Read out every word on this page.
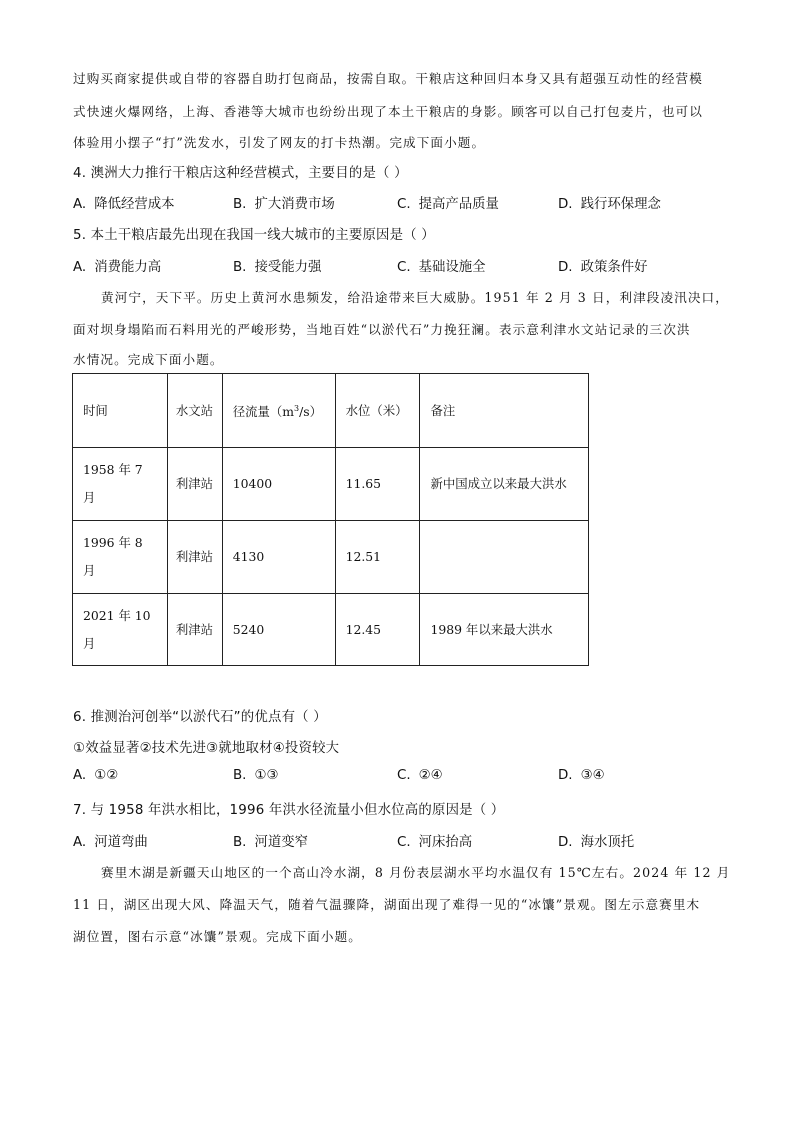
过购买商家提供或自带的容器自助打包商品，按需自取。干粮店这种回归本身又具有超强互动性的经营模
式快速火爆网络，上海、香港等大城市也纷纷出现了本土干粮店的身影。顾客可以自己打包麦片，也可以
体验用小摆子“打”洗发水，引发了网友的打卡热潮。完成下面小题。
4. 澳洲大力推行干粮店这种经营模式，主要目的是（ ）
A. 降低经营成本	B. 扩大消费市场	C. 提高产品质量	D. 践行环保理念
5. 本土干粮店最先出现在我国一线大城市的主要原因是（ ）
A. 消费能力高	B. 接受能力强	C. 基础设施全	D. 政策条件好
黄河宁，天下平。历史上黄河水患频发，给沿途带来巨大威胁。1951 年 2 月 3 日，利津段凌汛决口，
面对坝身塌陷而石料用光的严峻形势，当地百姓“以淤代石”力挽狂澜。表示意利津水文站记录的三次洪
水情况。完成下面小题。
时间	水文站	径流量$(m^3/s)$	水位（米）	备注
1958 年 7 月	利津站	10400	11.65	新中国成立以来最大洪水
1996 年 8 月	利津站	4130	12.51	
2021 年 10 月	利津站	5240	12.45	1989 年以来最大洪水
6. 推测治河创举“以淤代石”的优点有（ ）
①效益显著②技术先进③就地取材④投资较大
A. ①②	B. ①③	C. ②④	D. ③④
7. 与 1958 年洪水相比，1996 年洪水径流量小但水位高的原因是（ ）
A. 河道弯曲	B. 河道变窄	C. 河床抬高	D. 海水顶托
赛里木湖是新疆天山地区的一个高山冷水湖，8 月份表层湖水平均水温仅有 15℃左右。2024 年 12 月
11 日，湖区出现大风、降温天气，随着气温骤降，湖面出现了难得一见的“冰馕”景观。图左示意赛里木
湖位置，图右示意“冰馕”景观。完成下面小题。
